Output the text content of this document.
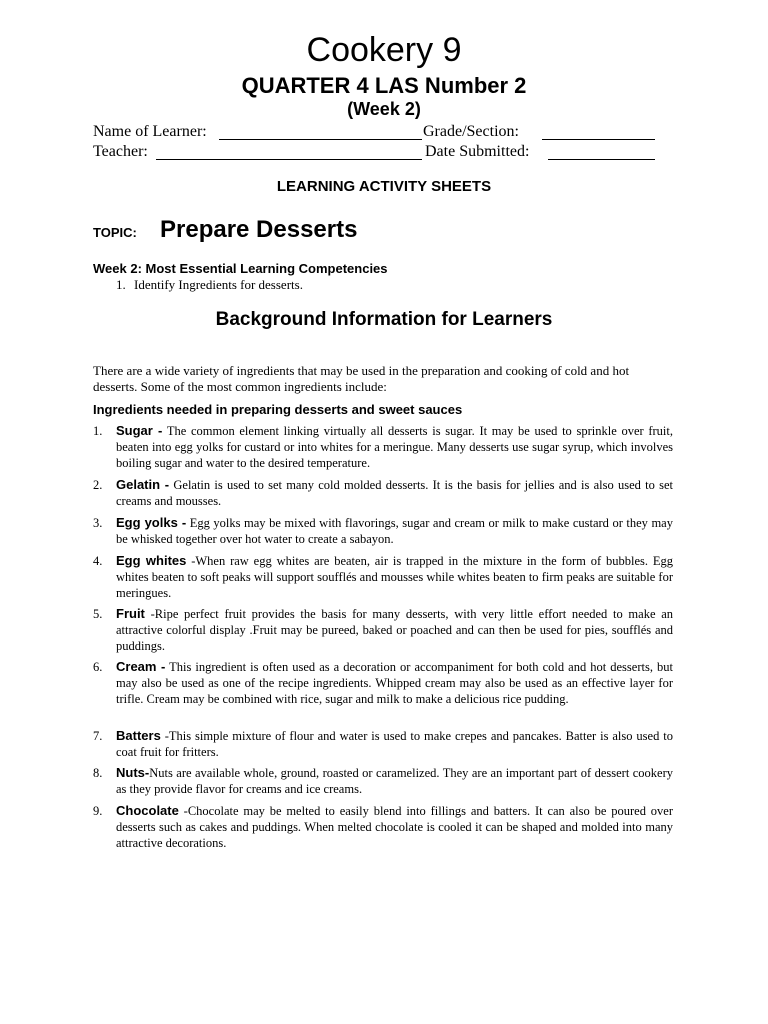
Cookery 9
QUARTER 4 LAS Number 2
(Week 2)
Name of Learner:	Grade/Section:
Teacher:	Date Submitted:
LEARNING ACTIVITY SHEETS
TOPIC: Prepare Desserts
Week 2: Most Essential Learning Competencies
1. Identify Ingredients for desserts.
Background Information for Learners
There are a wide variety of ingredients that may be used in the preparation and cooking of cold and hot desserts. Some of the most common ingredients include:
Ingredients needed in preparing desserts and sweet sauces
1.	Sugar - The common element linking virtually all desserts is sugar. It may be used to sprinkle over fruit, beaten into egg yolks for custard or into whites for a meringue. Many desserts use sugar syrup, which involves boiling sugar and water to the desired temperature.
2.	Gelatin - Gelatin is used to set many cold molded desserts. It is the basis for jellies and is also used to set creams and mousses.
3.	Egg yolks - Egg yolks may be mixed with flavorings, sugar and cream or milk to make custard or they may be whisked together over hot water to create a sabayon.
4.	Egg whites -When raw egg whites are beaten, air is trapped in the mixture in the form of bubbles. Egg whites beaten to soft peaks will support soufflés and mousses while whites beaten to firm peaks are suitable for meringues.
5.	Fruit -Ripe perfect fruit provides the basis for many desserts, with very little effort needed to make an attractive colorful display .Fruit may be pureed, baked or poached and can then be used for pies, soufflés and puddings.
6.	Cream - This ingredient is often used as a decoration or accompaniment for both cold and hot desserts, but may also be used as one of the recipe ingredients. Whipped cream may also be used as an effective layer for trifle. Cream may be combined with rice, sugar and milk to make a delicious rice pudding.
7.	Batters -This simple mixture of flour and water is used to make crepes and pancakes. Batter is also used to coat fruit for fritters.
8.	Nuts-Nuts are available whole, ground, roasted or caramelized. They are an important part of dessert cookery as they provide flavor for creams and ice creams.
9.	Chocolate -Chocolate may be melted to easily blend into fillings and batters. It can also be poured over desserts such as cakes and puddings. When melted chocolate is cooled it can be shaped and molded into many attractive decorations.
